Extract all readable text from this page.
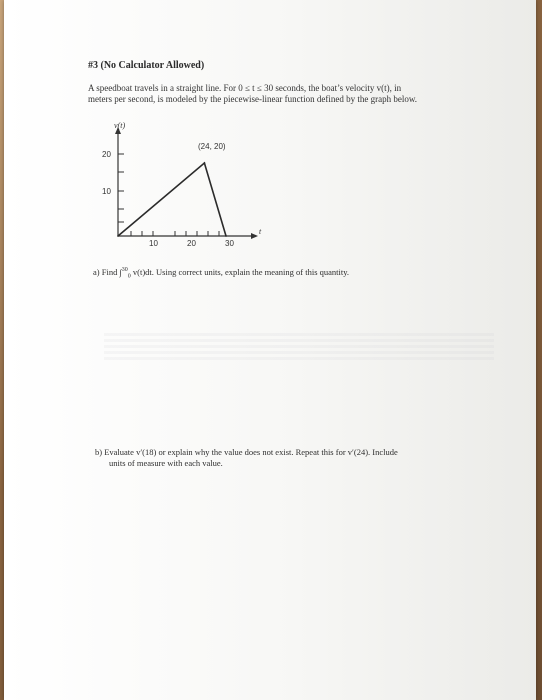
#3 (No Calculator Allowed)
A speedboat travels in a straight line. For 0 ≤ t ≤ 30 seconds, the boat’s velocity v(t), in
meters per second, is modeled by the piecewise-linear function defined by the graph below.
v(t)
t
20
10
10	20	30
(24, 20)
a) Find ∫$^{30}_0$ v(t)dt. Using correct units, explain the meaning of this quantity.
b) Evaluate v′(18) or explain why the value does not exist. Repeat this for v′(24). Include
units of measure with each value.
